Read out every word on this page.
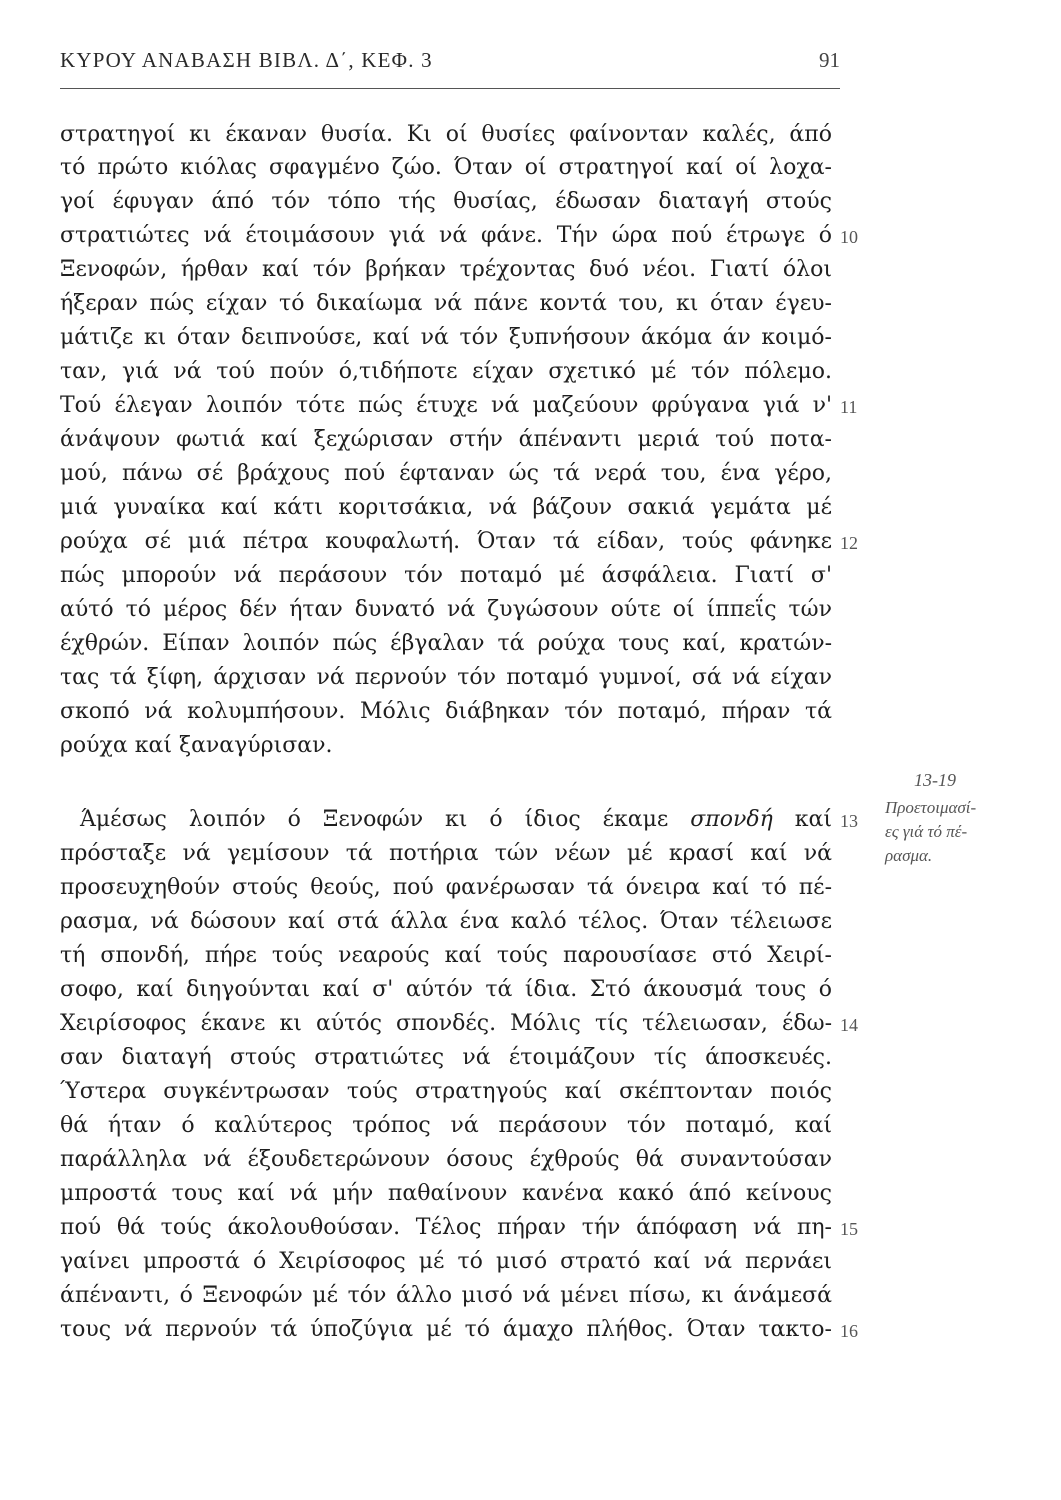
ΚΥΡΟΥ ΑΝΑΒΑΣΗ ΒΙΒΛ. Δ΄, ΚΕΦ. 3	91
στρατηγοί κι έκαναν θυσία. Κι οί θυσίες φαίνονταν καλές, άπό
τό πρώτο κιόλας σφαγμένο ζώο. Όταν οί στρατηγοί καί οί λοχα-
γοί έφυγαν άπό τόν τόπο τής θυσίας, έδωσαν διαταγή στούς
στρατιώτες νά έτοιμάσουν γιά νά φάνε. Τήν ώρα πού έτρωγε ό
Ξενοφών, ήρθαν καί τόν βρήκαν τρέχοντας δυό νέοι. Γιατί όλοι
ήξεραν πώς είχαν τό δικαίωμα νά πάνε κοντά του, κι όταν έγευ-
μάτιζε κι όταν δειπνούσε, καί νά τόν ξυπνήσουν άκόμα άν κοιμό-
ταν, γιά νά τού πούν ό,τιδήποτε είχαν σχετικό μέ τόν πόλεμο.
Τού έλεγαν λοιπόν τότε πώς έτυχε νά μαζεύουν φρύγανα γιά ν'
άνάψουν φωτιά καί ξεχώρισαν στήν άπέναντι μεριά τού ποτα-
μού, πάνω σέ βράχους πού έφταναν ώς τά νερά του, ένα γέρο,
μιά γυναίκα καί κάτι κοριτσάκια, νά βάζουν σακιά γεμάτα μέ
ρούχα σέ μιά πέτρα κουφαλωτή. Όταν τά είδαν, τούς φάνηκε
πώς μπορούν νά περάσουν τόν ποταμό μέ άσφάλεια. Γιατί σ'
αύτό τό μέρος δέν ήταν δυνατό νά ζυγώσουν ούτε οί ίππεΐς τών
έχθρών. Είπαν λοιπόν πώς έβγαλαν τά ρούχα τους καί, κρατών-
τας τά ξίφη, άρχισαν νά περνούν τόν ποταμό γυμνοί, σά νά είχαν
σκοπό νά κολυμπήσουν. Μόλις διάβηκαν τόν ποταμό, πήραν τά
ρούχα καί ξαναγύρισαν.
Άμέσως λοιπόν ό Ξενοφών κι ό ίδιος έκαμε σπονδή καί
πρόσταξε νά γεμίσουν τά ποτήρια τών νέων μέ κρασί καί νά
προσευχηθούν στούς θεούς, πού φανέρωσαν τά όνειρα καί τό πέ-
ρασμα, νά δώσουν καί στά άλλα ένα καλό τέλος. Όταν τέλειωσε
τή σπονδή, πήρε τούς νεαρούς καί τούς παρουσίασε στό Χειρί-
σοφο, καί διηγούνται καί σ' αύτόν τά ίδια. Στό άκουσμά τους ό
Χειρίσοφος έκανε κι αύτός σπονδές. Μόλις τίς τέλειωσαν, έδω-
σαν διαταγή στούς στρατιώτες νά έτοιμάζουν τίς άποσκευές.
Ύστερα συγκέντρωσαν τούς στρατηγούς καί σκέπτονταν ποιός
θά ήταν ό καλύτερος τρόπος νά περάσουν τόν ποταμό, καί
παράλληλα νά έξουδετερώνουν όσους έχθρούς θά συναντούσαν
μπροστά τους καί νά μήν παθαίνουν κανένα κακό άπό κείνους
πού θά τούς άκολουθούσαν. Τέλος πήραν τήν άπόφαση νά πη-
γαίνει μπροστά ό Χειρίσοφος μέ τό μισό στρατό καί νά περνάει
άπέναντι, ό Ξενοφών μέ τόν άλλο μισό νά μένει πίσω, κι άνάμεσά
τους νά περνούν τά ύποζύγια μέ τό άμαχο πλήθος. Όταν τακτο-
10
11
12
13
14
15
16
13-19
Προετοιμασί-
ες γιά τό πέ-
ρασμα.
